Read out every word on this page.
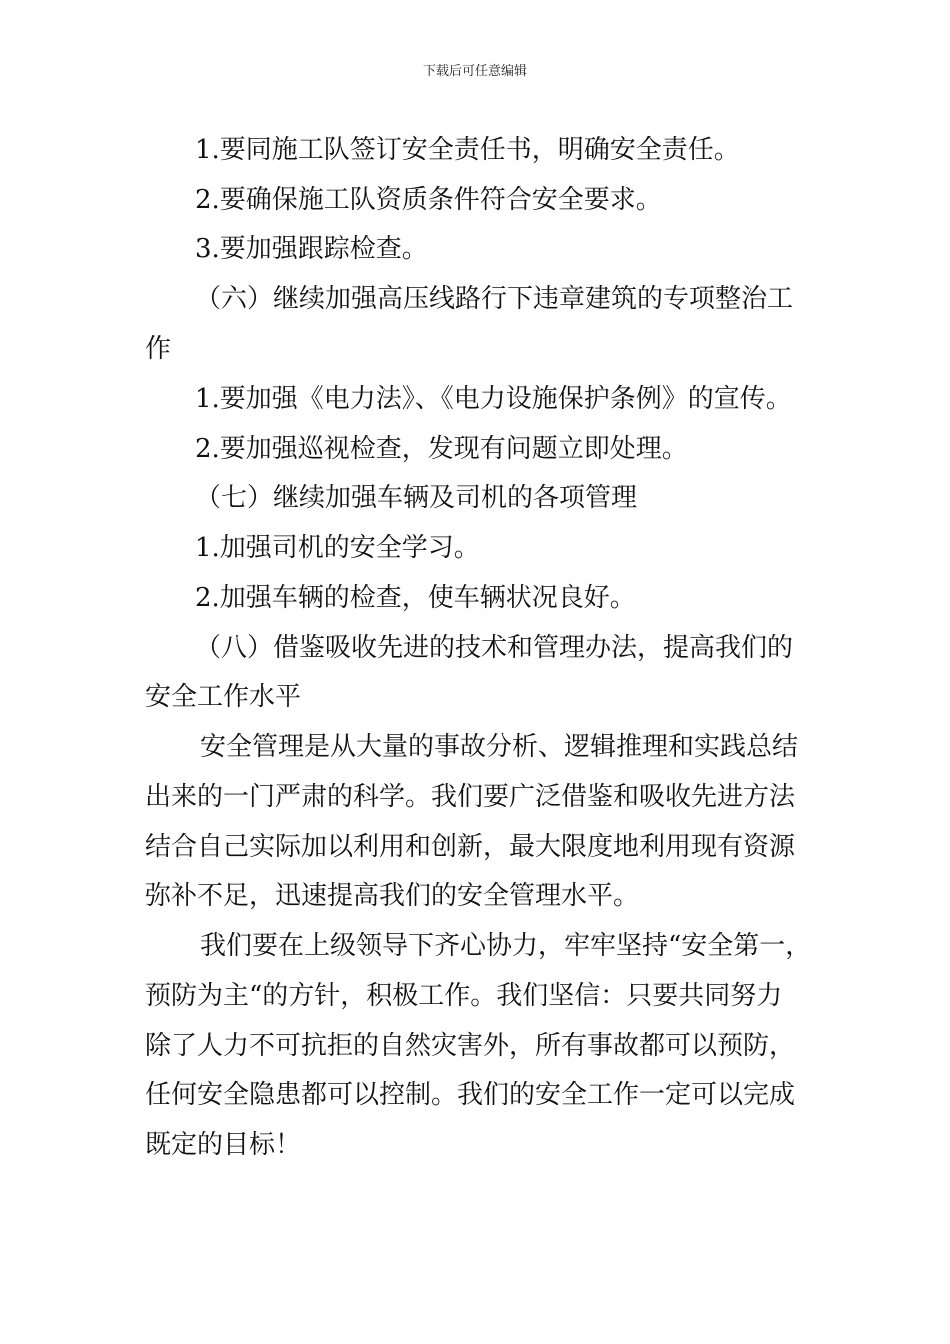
下载后可任意编辑
1.要同施工队签订安全责任书，明确安全责任。
2.要确保施工队资质条件符合安全要求。
3.要加强跟踪检查。
（六）继续加强高压线路行下违章建筑的专项整治工
作
1.要加强《电力法》、《电力设施保护条例》的宣传。
2.要加强巡视检查，发现有问题立即处理。
（七）继续加强车辆及司机的各项管理
1.加强司机的安全学习。
2.加强车辆的检查，使车辆状况良好。
（八）借鉴吸收先进的技术和管理办法，提高我们的
安全工作水平
安全管理是从大量的事故分析、逻辑推理和实践总结
出来的一门严肃的科学。我们要广泛借鉴和吸收先进方法
结合自己实际加以利用和创新，最大限度地利用现有资源
弥补不足，迅速提高我们的安全管理水平。
我们要在上级领导下齐心协力，牢牢坚持“安全第一，
预防为主“的方针，积极工作。我们坚信：只要共同努力
除了人力不可抗拒的自然灾害外，所有事故都可以预防，
任何安全隐患都可以控制。我们的安全工作一定可以完成
既定的目标！
